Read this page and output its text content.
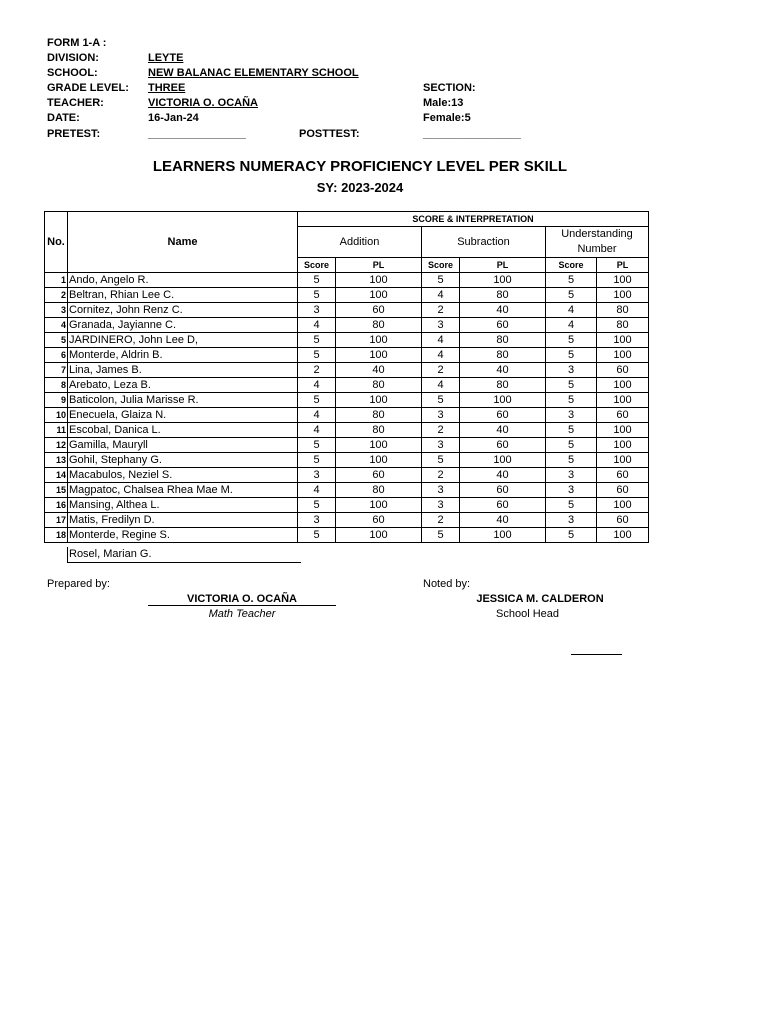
FORM 1-A :
DIVISION:	LEYTE
SCHOOL:	NEW BALANAC ELEMENTARY SCHOOL
GRADE LEVEL: THREE
TEACHER:	VICTORIA O. OCAÑA
DATE:	16-Jan-24
PRETEST:	________________	POSTTEST:	________________
SECTION:
Male:13
Female:5
LEARNERS NUMERACY PROFICIENCY LEVEL PER SKILL
SY: 2023-2024
No.	Name	SCORE & INTERPRETATION					
		Addition		Subraction		Understanding Number	
		Score	PL	Score	PL	Score	PL
1	Ando, Angelo R.	5	100	5	100	5	100
2	Beltran, Rhian Lee C.	5	100	4	80	5	100
3	Cornitez, John Renz C.	3	60	2	40	4	80
4	Granada, Jayianne C.	4	80	3	60	4	80
5	JARDINERO, John Lee D,	5	100	4	80	5	100
6	Monterde, Aldrin B.	5	100	4	80	5	100
7	Lina, James B.	2	40	2	40	3	60
8	Arebato, Leza B.	4	80	4	80	5	100
9	Baticolon, Julia Marisse R.	5	100	5	100	5	100
10	Enecuela, Glaiza N.	4	80	3	60	3	60
11	Escobal, Danica L.	4	80	2	40	5	100
12	Gamilla, Mauryll	5	100	3	60	5	100
13	Gohil, Stephany G.	5	100	5	100	5	100
14	Macabulos, Neziel S.	3	60	2	40	3	60
15	Magpatoc, Chalsea Rhea Mae M.	4	80	3	60	3	60
16	Mansing, Althea L.	5	100	3	60	5	100
17	Matis, Fredilyn D.	3	60	2	40	3	60
18	Monterde, Regine S.	5	100	5	100	5	100
Rosel, Marian G.
Prepared by:
VICTORIA O. OCAÑA
Math Teacher
Noted by:
JESSICA M. CALDERON
School Head
